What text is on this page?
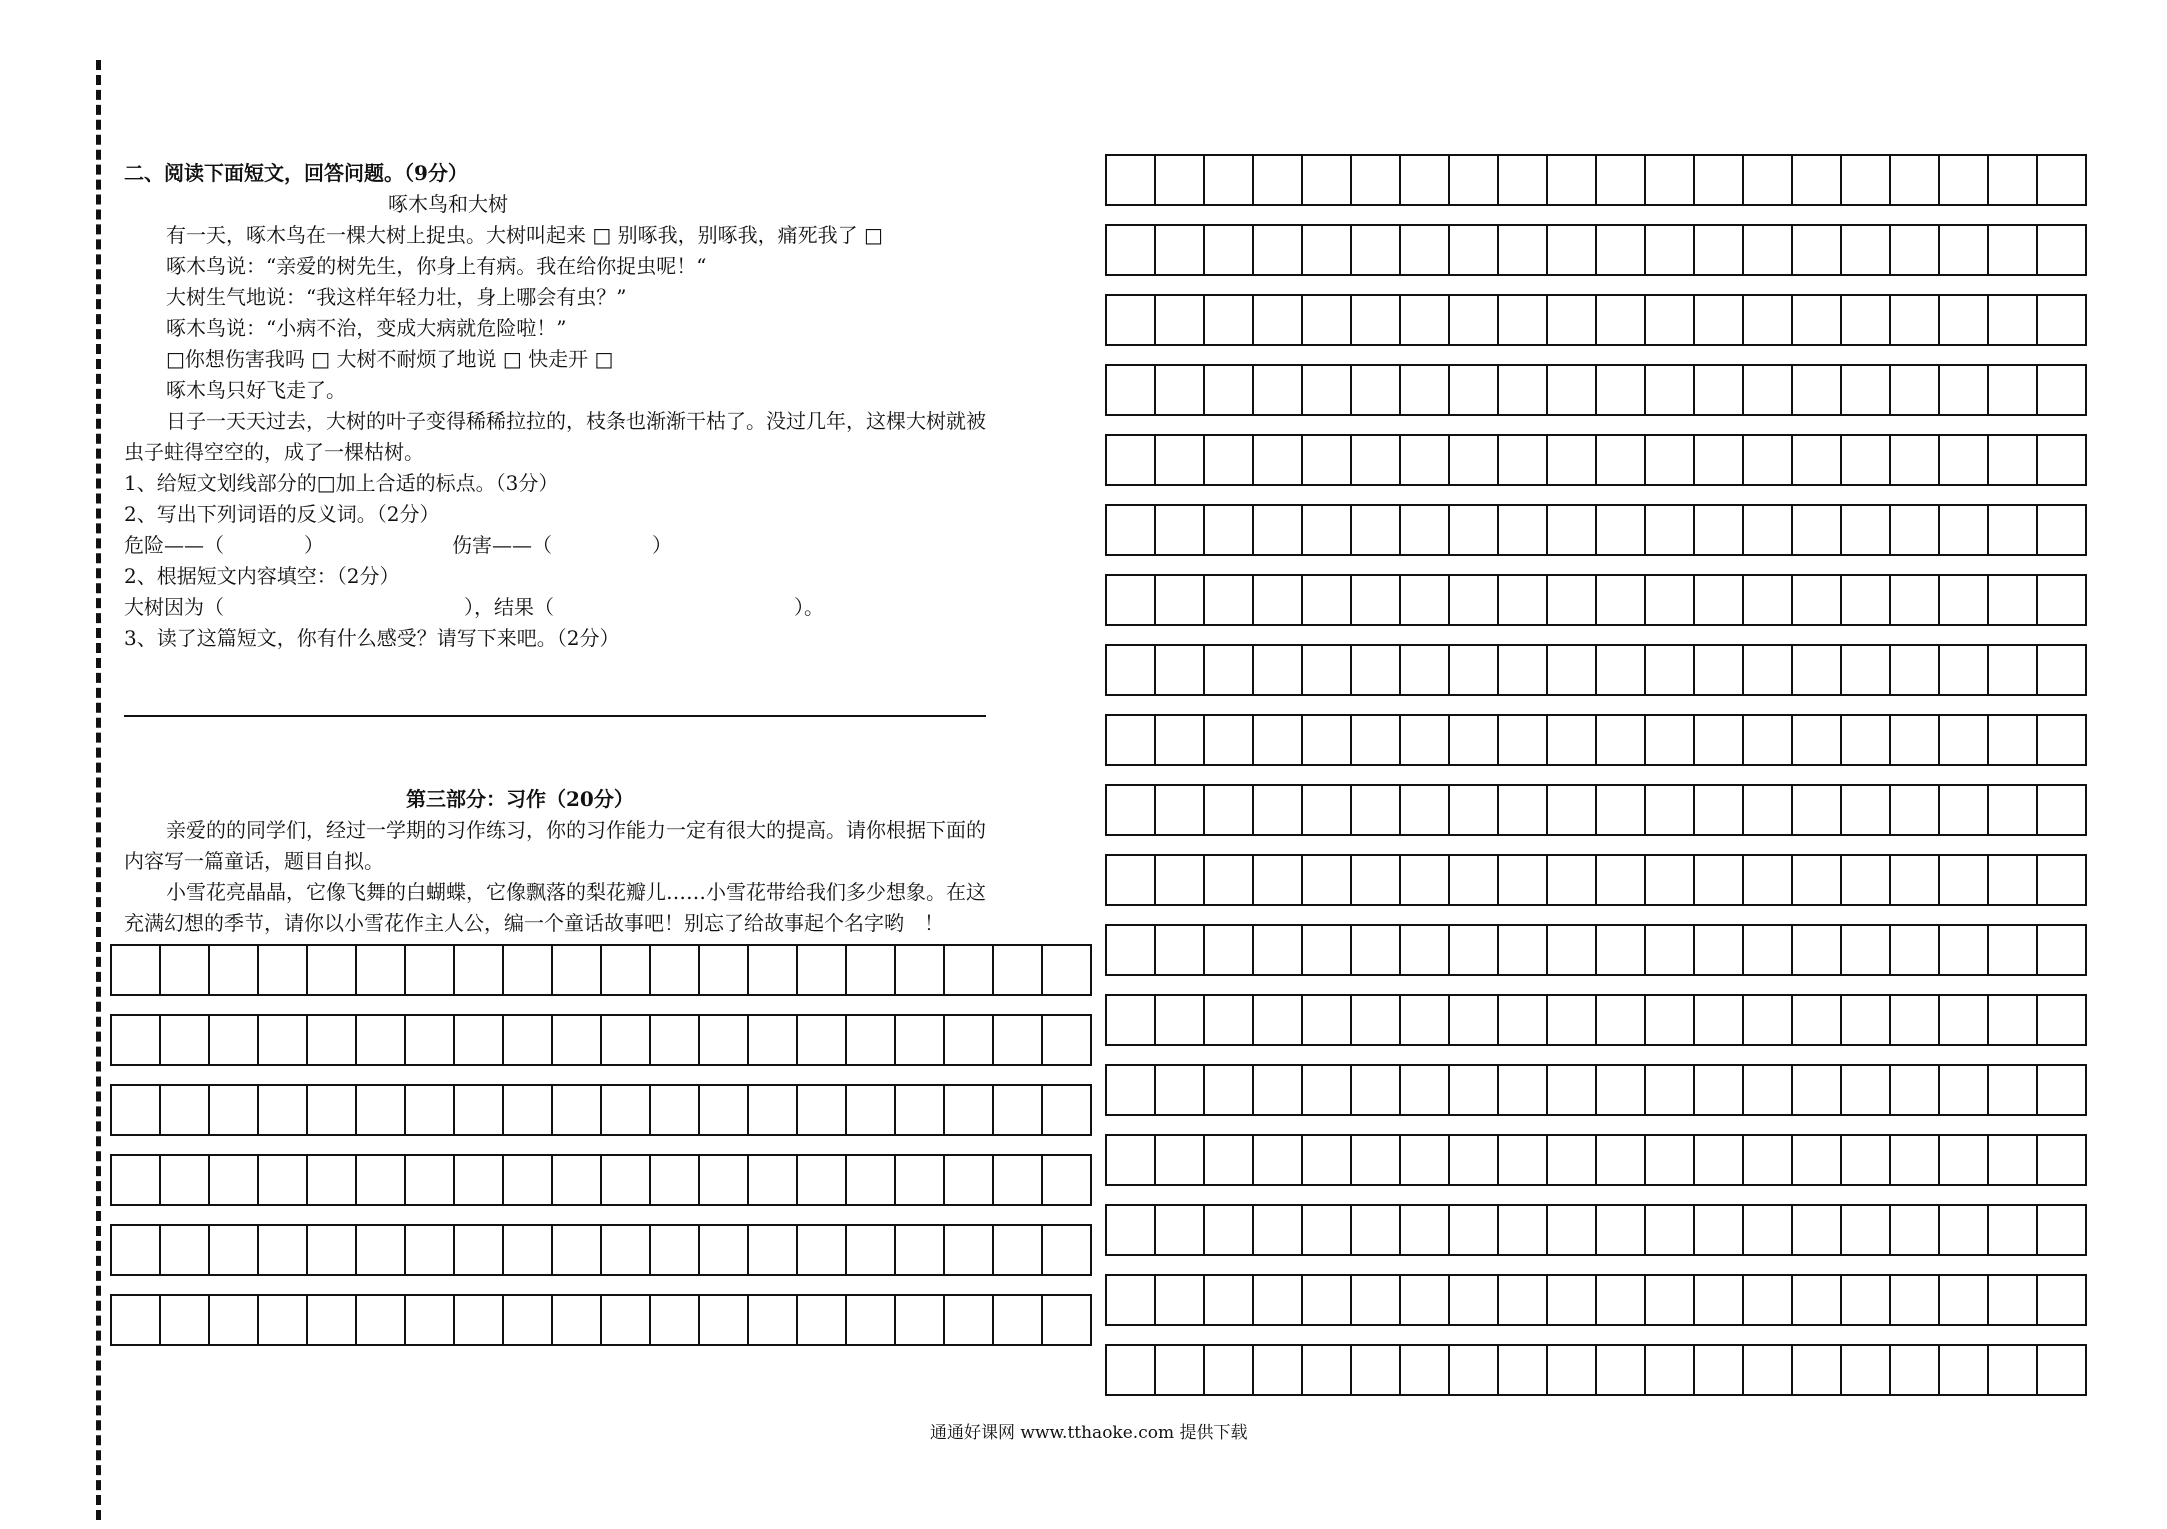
二、阅读下面短文，回答问题。（9分）
啄木鸟和大树
有一天，啄木鸟在一棵大树上捉虫。大树叫起来 □ 别啄我，别啄我，痛死我了 □
啄木鸟说：“亲爱的树先生，你身上有病。我在给你捉虫呢！“
大树生气地说：“我这样年轻力壮，身上哪会有虫？”
啄木鸟说：“小病不治，变成大病就危险啦！”
□你想伤害我吗 □ 大树不耐烦了地说 □ 快走开 □
啄木鸟只好飞走了。
日子一天天过去，大树的叶子变得稀稀拉拉的，枝条也渐渐干枯了。没过几年，这棵大树就被
虫子蛀得空空的，成了一棵枯树。
1、给短文划线部分的□加上合适的标点。（3分）
2、写出下列词语的反义词。（2分）
危险——（　　　　）	伤害——（　　　　　）
2、根据短文内容填空：（2分）
大树因为（　　　　　　　　　　　　），结果（　　　　　　　　　　　　）。
3、读了这篇短文，你有什么感受？请写下来吧。（2分）
第三部分：习作（20分）
亲爱的的同学们，经过一学期的习作练习，你的习作能力一定有很大的提高。请你根据下面的
内容写一篇童话，题目自拟。
小雪花亮晶晶，它像飞舞的白蝴蝶，它像飘落的梨花瓣儿……小雪花带给我们多少想象。在这
充满幻想的季节，请你以小雪花作主人公，编一个童话故事吧！别忘了给故事起个名字哟　！
通通好课网 www.tthaoke.com 提供下载
